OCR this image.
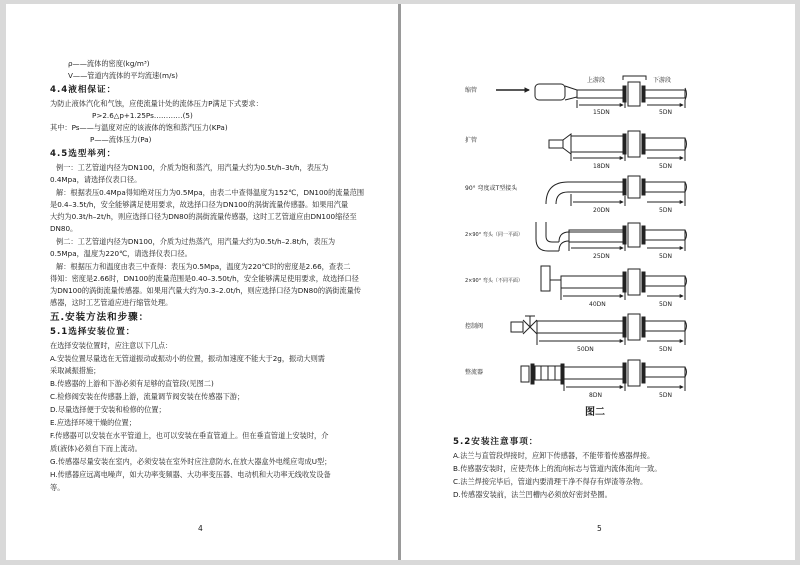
ρ——流体的密度(kg/m³)
V——管道内流体的平均流速(m/s)
4.4液相保证：
为防止液体汽化和气蚀，应使流量计处的流体压力P满足下式要求：
P>2.6△p+1.25Ps…………(5)
其中：Ps——与温度对应的该液体的饱和蒸汽压力(KPa)
P——流体压力(Pa)
4.5选型举列：
例一：工艺管道内径为DN100，介质为饱和蒸汽，用汽量大约为0.5t/h–3t/h，表压为
0.4Mpa，请选择仪表口径。
解：根据表压0.4Mpa得知绝对压力为0.5Mpa，由表二中查得温度为152℃，DN100的流量范围
是0.4–3.5t/h，安全能够满足使用要求，故选择口径为DN100的涡街流量传感器。如果用汽量
大约为0.3t/h–2t/h，则应选择口径为DN80的涡街流量传感器，这时工艺管道应由DN100缩径至
DN80。
例二：工艺管道内径为DN100，介质为过热蒸汽，用汽量大约为0.5t/h–2.8t/h，表压为
0.5Mpa，温度为220℃，请选择仪表口径。
解：根据压力和温度由表三中查得：表压为0.5Mpa，温度为220℃时的密度是2.66，查表二
得知：密度是2.66时，DN100的流量范围是0.40–3.50t/h，安全能够满足使用要求，故选择口径
为DN100的涡街流量传感器。如果用汽量大约为0.3–2.0t/h，则应选择口径为DN80的涡街流量传
感器，这时工艺管道应进行缩管处理。
五.安装方法和步骤：
5.1选择安装位置：
在选择安装位置时，应注意以下几点：
A.安装位置尽量选在无管道振动或振动小的位置，振动加速度不能大于2g，振动大则需
采取减振措施；
B.传感器的上游和下游必须有足够的直管段(见图二)
C.检修阀安装在传感器上游，流量调节阀安装在传感器下游；
D.尽量选择便于安装和检修的位置；
E.应选择环境干燥的位置；
F.传感器可以安装在水平管道上，也可以安装在垂直管道上。但在垂直管道上安装时，介
质(液体)必须自下而上流动。
G.传感器尽量安装在室内，必须安装在室外时应注意防水,在放大器盒外电缆应弯成U型；
H.传感器应远离电噪声，如大功率变频器、大功率变压器、电动机和大功率无线收发设备
等。
4
缩管
扩管
90° 弯度或T型接头
2×90° 弯头（同一平面）
2×90° 弯头（不同平面）
控制阀
整流器
上游段	下游段
15DN	5DN
18DN	5DN
20DN	5DN
25DN	5DN
40DN	5DN
50DN	5DN
8DN	5DN
图二
5.2安装注意事项：
A.法兰与直管段焊接时，应卸下传感器，不能带着传感器焊接。
B.传感器安装时，应使壳体上的流向标志与管道内流体流向一致。
C.法兰焊接完毕后，管道内要清理干净不得存有焊渣等杂物。
D.传感器安装前，法兰凹槽内必须放好密封垫圈。
5
